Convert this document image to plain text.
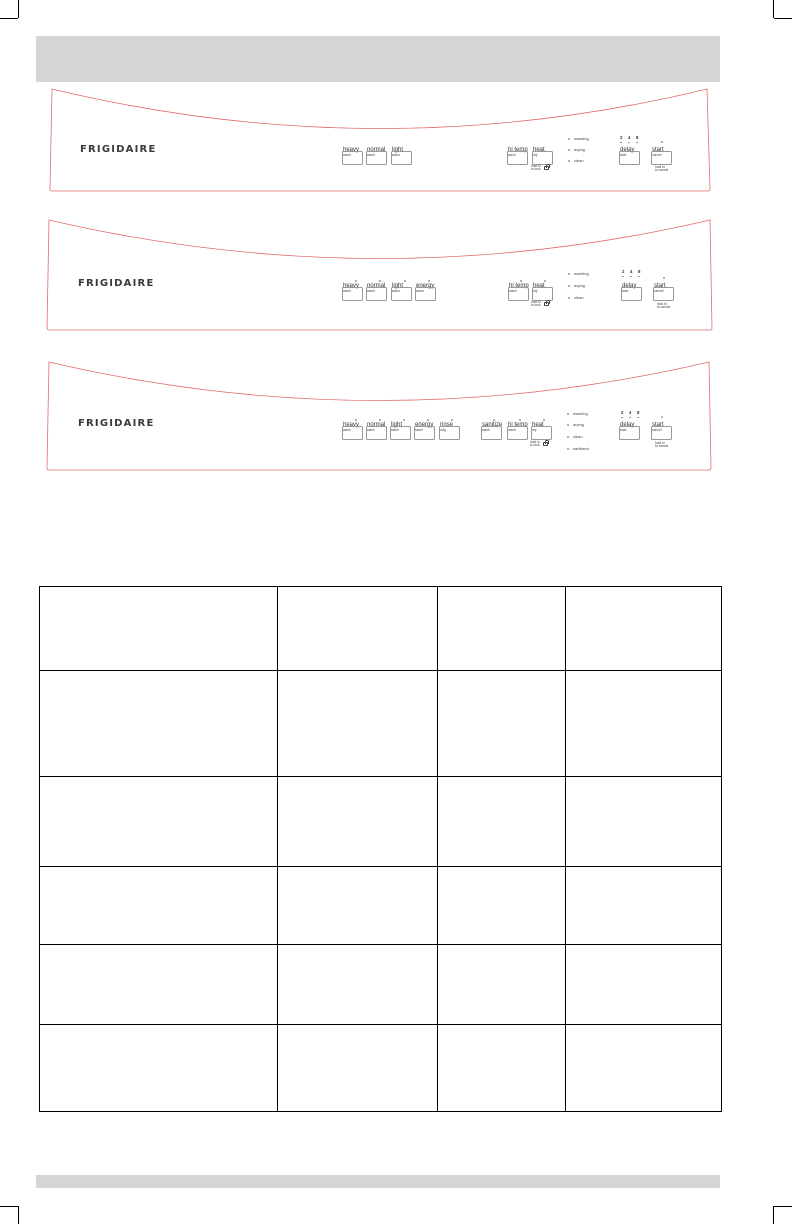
FRIGIDAIRE	heavy
wash
normal
wash
light
wash
hi temp
wash
heat
dry
hold to
to lock
washing
drying
clean
2 4 8
delay
start
start
cancel
hold to
to cancel
FRIGIDAIRE	heavy
wash
normal
wash
light
wash
energy
saver
hi temp
wash
heat
dry
hold to
to lock
washing
drying
clean
2 4 8
delay
start
start
cancel
hold to
to cancel
FRIGIDAIRE	heavy
wash
normal
wash
light
wash
energy
saver
rinse
only
sanitize
wash
hi temp
wash
heat
dry
hold to
to lock
washing
drying
clean
sanitized
2 4 8
delay
start
start
cancel
hold to
to cancel
